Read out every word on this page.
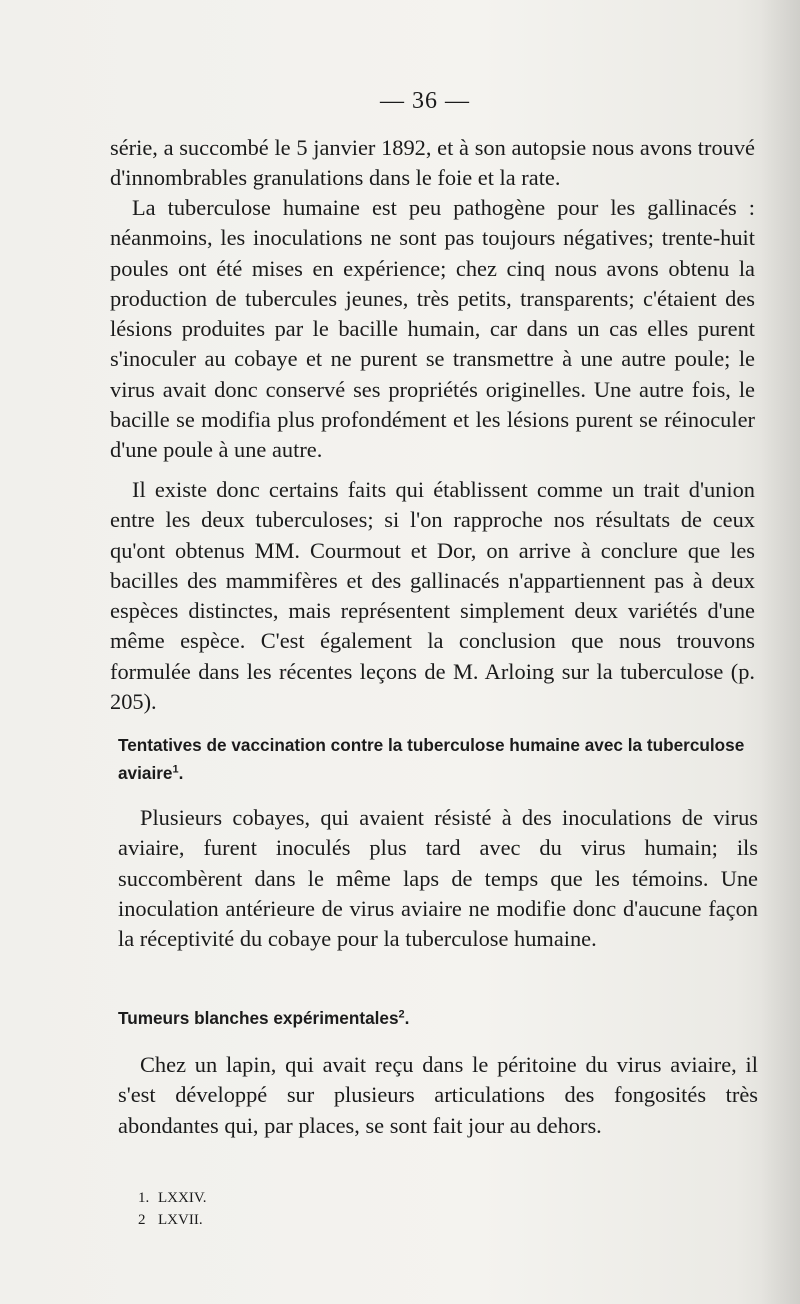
— 36 —

série, a succombé le 5 janvier 1892, et à son autopsie nous avons trouvé d'innombrables granulations dans le foie et la rate.

La tuberculose humaine est peu pathogène pour les gallinacés : néanmoins, les inoculations ne sont pas toujours négatives; trente-huit poules ont été mises en expérience; chez cinq nous avons obtenu la production de tubercules jeunes, très petits, transparents; c'étaient des lésions produites par le bacille humain, car dans un cas elles purent s'inoculer au cobaye et ne purent se transmettre à une autre poule; le virus avait donc conservé ses propriétés originelles. Une autre fois, le bacille se modifia plus profondément et les lésions purent se réinoculer d'une poule à une autre.

Il existe donc certains faits qui établissent comme un trait d'union entre les deux tuberculoses; si l'on rapproche nos résultats de ceux qu'ont obtenus MM. Courmout et Dor, on arrive à conclure que les bacilles des mammifères et des gallinacés n'appartiennent pas à deux espèces distinctes, mais représentent simplement deux variétés d'une même espèce. C'est également la conclusion que nous trouvons formulée dans les récentes leçons de M. Arloing sur la tuberculose (p. 205).

Tentatives de vaccination contre la tuberculose humaine avec la tuberculose
aviaire$^1$.

Plusieurs cobayes, qui avaient résisté à des inoculations de virus aviaire, furent inoculés plus tard avec du virus humain; ils succombèrent dans le même laps de temps que les témoins. Une inoculation antérieure de virus aviaire ne modifie donc d'aucune façon la réceptivité du cobaye pour la tuberculose humaine.

Tumeurs blanches expérimentales$^2$.

Chez un lapin, qui avait reçu dans le péritoine du virus aviaire, il s'est développé sur plusieurs articulations des fongosités très abondantes qui, par places, se sont fait jour au dehors.

1. LXXIV.
2 LXVII.
